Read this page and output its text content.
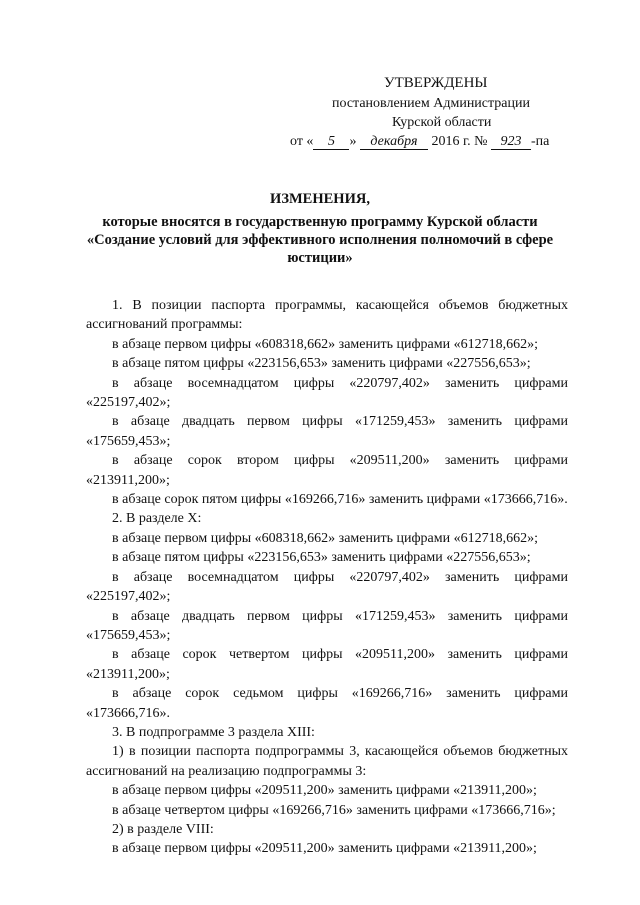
УТВЕРЖДЕНЫ
постановлением Администрации
Курской области
от « 5 » декабря 2016 г. № 923 -па
ИЗМЕНЕНИЯ,
которые вносятся в государственную программу Курской области
«Создание условий для эффективного исполнения полномочий в сфере
юстиции»

1. В позиции паспорта программы, касающейся объемов бюджетных ассигнований программы:

в абзаце первом цифры «608318,662» заменить цифрами «612718,662»;

в абзаце пятом цифры «223156,653» заменить цифрами «227556,653»;

в абзаце восемнадцатом цифры «220797,402» заменить цифрами «225197,402»;

в абзаце двадцать первом цифры «171259,453» заменить цифрами «175659,453»;

в абзаце сорок втором цифры «209511,200» заменить цифрами «213911,200»;

в абзаце сорок пятом цифры «169266,716» заменить цифрами «173666,716».

2. В разделе X:

в абзаце первом цифры «608318,662» заменить цифрами «612718,662»;

в абзаце пятом цифры «223156,653» заменить цифрами «227556,653»;

в абзаце восемнадцатом цифры «220797,402» заменить цифрами «225197,402»;

в абзаце двадцать первом цифры «171259,453» заменить цифрами «175659,453»;

в абзаце сорок четвертом цифры «209511,200» заменить цифрами «213911,200»;

в абзаце сорок седьмом цифры «169266,716» заменить цифрами «173666,716».

3. В подпрограмме 3 раздела XIII:

1) в позиции паспорта подпрограммы 3, касающейся объемов бюджетных ассигнований на реализацию подпрограммы 3:

в абзаце первом цифры «209511,200» заменить цифрами «213911,200»;

в абзаце четвертом цифры «169266,716» заменить цифрами «173666,716»;

2) в разделе VIII:

в абзаце первом цифры «209511,200» заменить цифрами «213911,200»;
